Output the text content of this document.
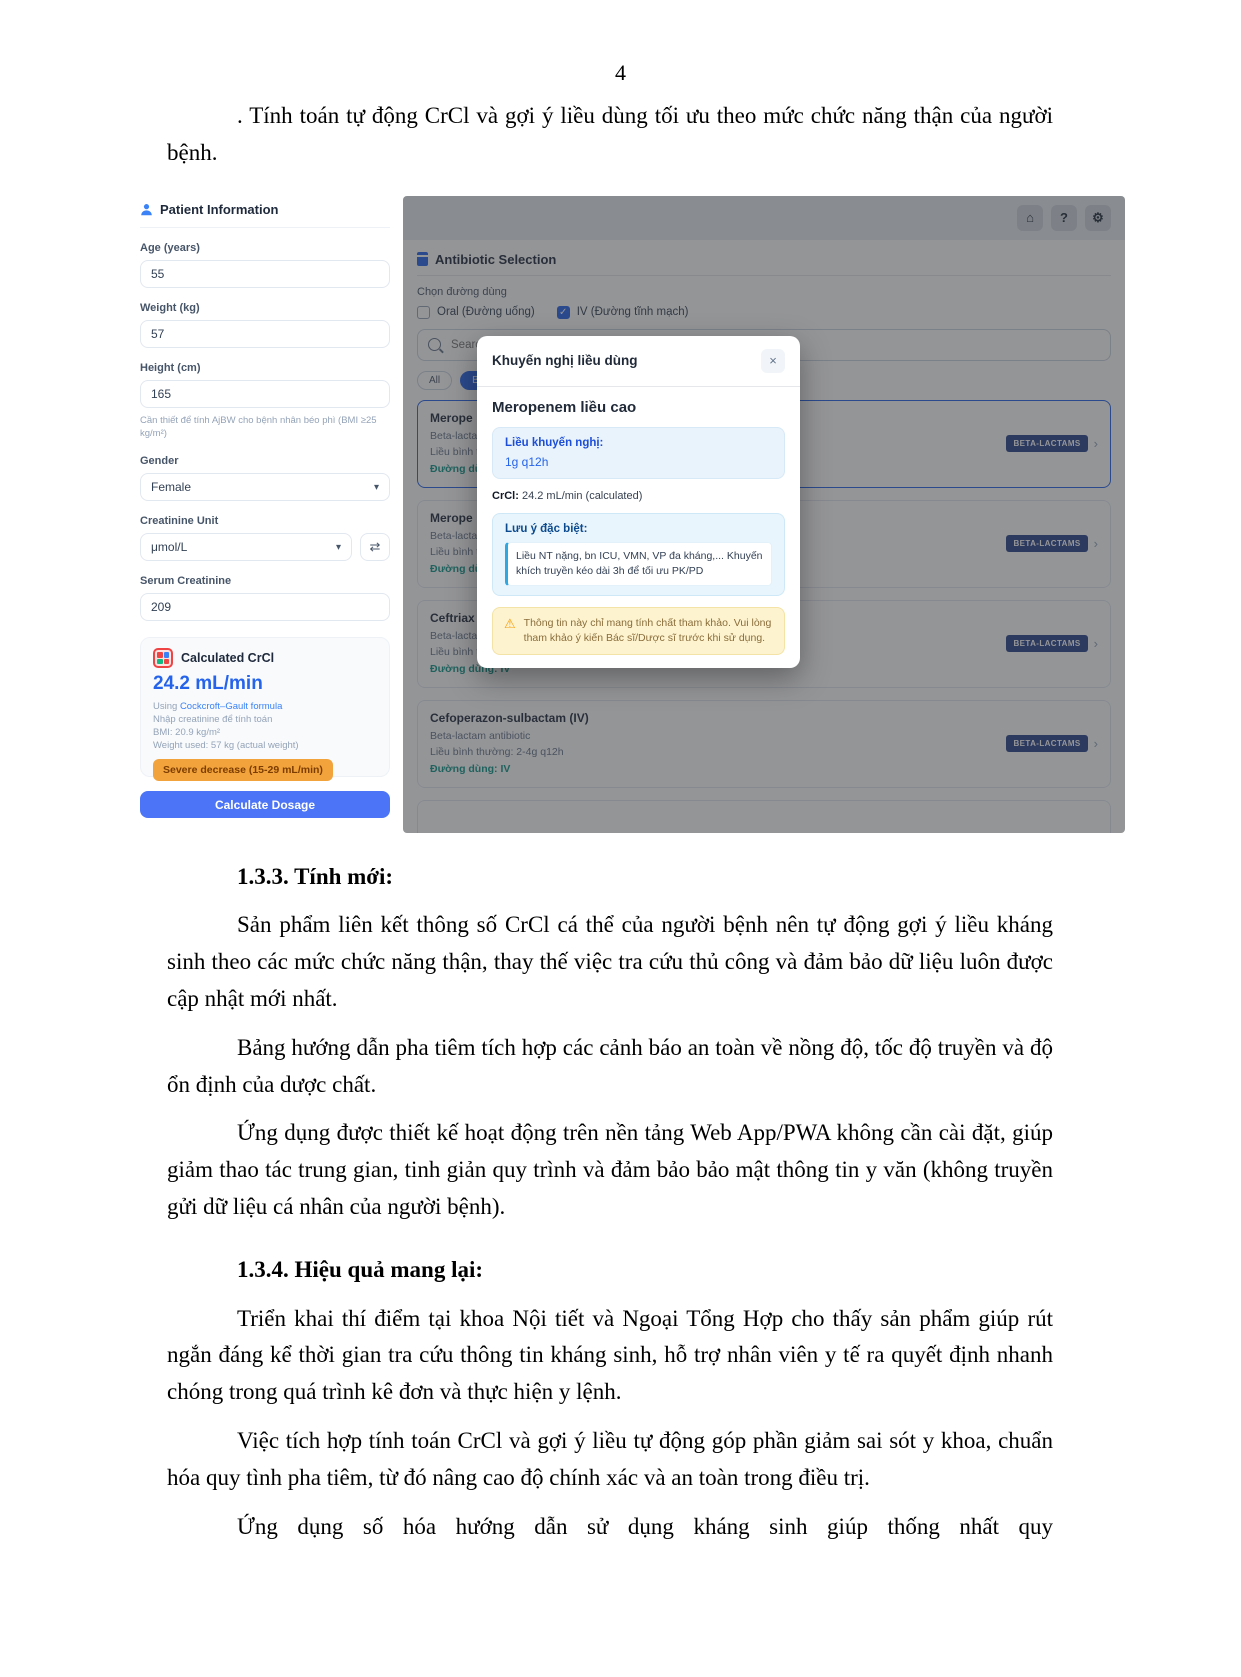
4

. Tính toán tự động CrCl và gợi ý liều dùng tối ưu theo mức chức năng thận của người bệnh.

Patient Information
Age (years)
55
Weight (kg)
57
Height (cm)
165
Cần thiết để tính AjBW cho bệnh nhân béo phì (BMI ≥25 kg/m²)
Gender
Female	▾
Creatinine Unit
μmol/L	▾ ⇄
Serum Creatinine
209
Calculated CrCl
24.2 mL/min
Using Cockcroft–Gault formula
Nhập creatinine để tính toán
BMI: 20.9 kg/m²
Weight used: 57 kg (actual weight)
Severe decrease (15-29 mL/min)
Calculate Dosage
Search
Khuyến nghị liều dùng	×
Meropenem liều cao
Liều khuyến nghị:
1g q12h
CrCl: 24.2 mL/min (calculated)
Lưu ý đặc biệt:
Liều NT nặng, bn ICU, VMN, VP đa kháng,... Khuyến khích truyền kéo dài 3h để tối ưu PK/PD
⚠ Thông tin này chỉ mang tính chất tham khảo. Vui lòng tham khảo ý kiến Bác sĩ/Dược sĩ trước khi sử dụng.
1.3.3. Tính mới:

Sản phẩm liên kết thông số CrCl cá thể của người bệnh nên tự động gợi ý liều kháng sinh theo các mức chức năng thận, thay thế việc tra cứu thủ công và đảm bảo dữ liệu luôn được cập nhật mới nhất.

Bảng hướng dẫn pha tiêm tích hợp các cảnh báo an toàn về nồng độ, tốc độ truyền và độ ổn định của dược chất.

Ứng dụng được thiết kế hoạt động trên nền tảng Web App/PWA không cần cài đặt, giúp giảm thao tác trung gian, tinh giản quy trình và đảm bảo bảo mật thông tin y văn (không truyền gửi dữ liệu cá nhân của người bệnh).

1.3.4. Hiệu quả mang lại:

Triển khai thí điểm tại khoa Nội tiết và Ngoại Tổng Hợp cho thấy sản phẩm giúp rút ngắn đáng kể thời gian tra cứu thông tin kháng sinh, hỗ trợ nhân viên y tế ra quyết định nhanh chóng trong quá trình kê đơn và thực hiện y lệnh.

Việc tích hợp tính toán CrCl và gợi ý liều tự động góp phần giảm sai sót y khoa, chuẩn hóa quy tình pha tiêm, từ đó nâng cao độ chính xác và an toàn trong điều trị.

Ứng dụng số hóa hướng dẫn sử dụng kháng sinh giúp thống nhất quy
